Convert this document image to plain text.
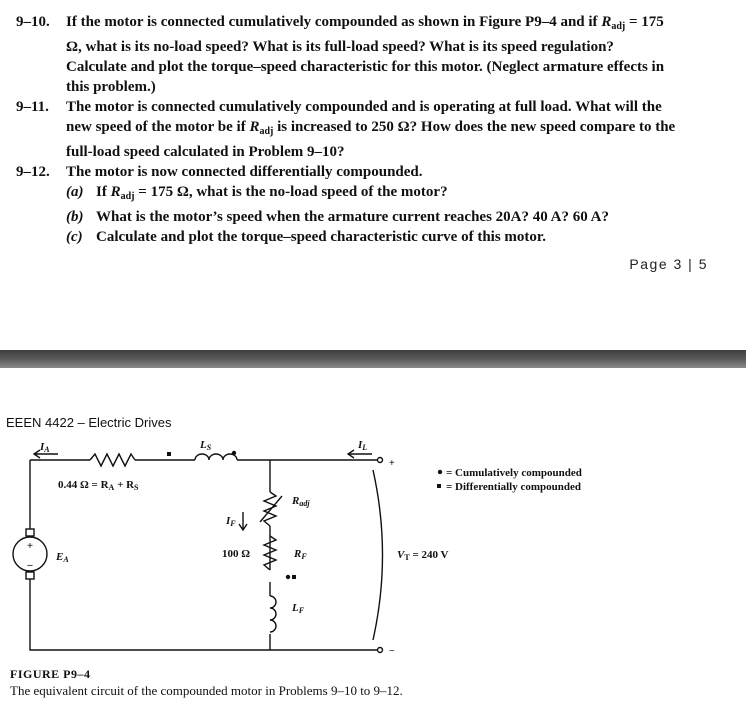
9–10. If the motor is connected cumulatively compounded as shown in Figure P9–4 and if $R_{adj} = 175$ Ω, what is its no-load speed? What is its full-load speed? What is its speed regulation? Calculate and plot the torque–speed characteristic for this motor. (Neglect armature effects in this problem.)
9–11. The motor is connected cumulatively compounded and is operating at full load. What will the new speed of the motor be if $R_{adj}$ is increased to 250 Ω? How does the new speed compare to the full-load speed calculated in Problem 9–10?
9–12. The motor is now connected differentially compounded.
(a) If $R_{adj} = 175$ Ω, what is the no-load speed of the motor?
(b) What is the motor’s speed when the armature current reaches 20A? 40 A? 60 A?
(c) Calculate and plot the torque–speed characteristic curve of this motor.
Page 3 | 5
EEEN 4422 – Electric Drives
+
−
IA	LS	IL
0.44 Ω = RA + RS
Radj
IF
100 Ω	RF
LF
EA	VT = 240 V
+
−
= Cumulatively compounded
= Differentially compounded
FIGURE P9–4
The equivalent circuit of the compounded motor in Problems 9–10 to 9–12.
